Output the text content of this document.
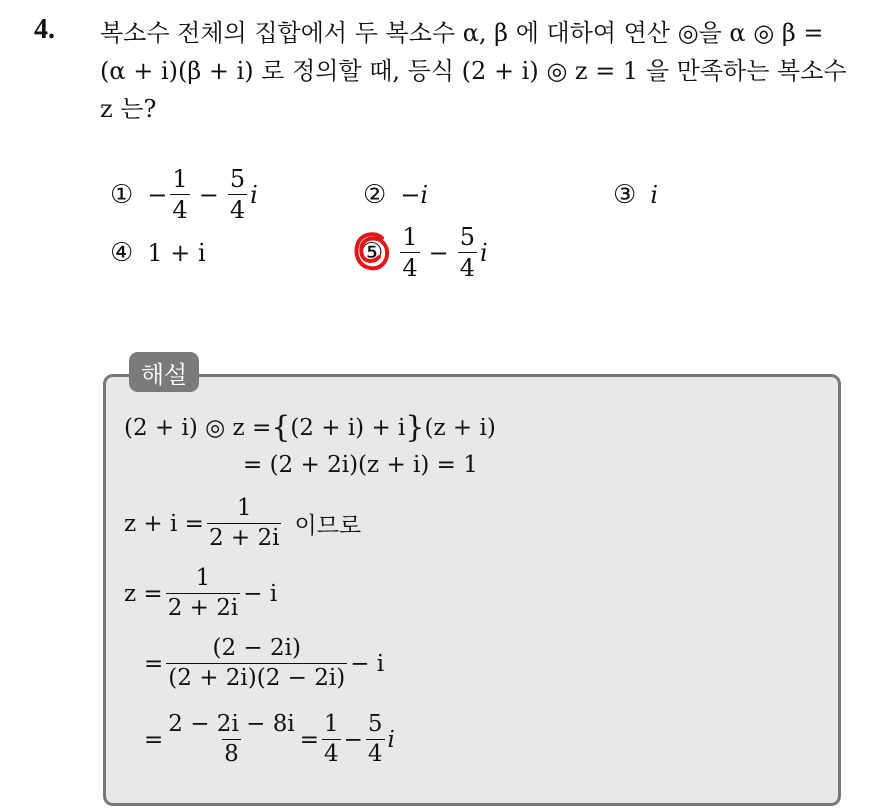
4. 복소수 전체의 집합에서 두 복소수 α, β 에 대하여 연산 ◎을 α ◎ β =
(α + i)(β + i) 로 정의할 때, 등식 (2 + i) ◎ z = 1 을 만족하는 복소수
z 는?
① − $\frac{1}{4} - \frac{5}{4}$ i	② −i	③ i
④ 1 + i	⑤ $\frac{1}{4} - \frac{5}{4}$ i
해설
(2 + i) ◎ z = { (2 + i) + i } (z + i)
= (2 + 2i)(z + i) = 1
$z + i = \frac{1}{2 + 2i}$ 이므로
$z = \frac{1}{2 + 2i} - i$
= $\frac{(2 - 2i)}{(2 + 2i)(2 - 2i)} - i$
= $\frac{2 - 2i - 8i}{8} = \frac{1}{4} - \frac{5}{4}$ i
